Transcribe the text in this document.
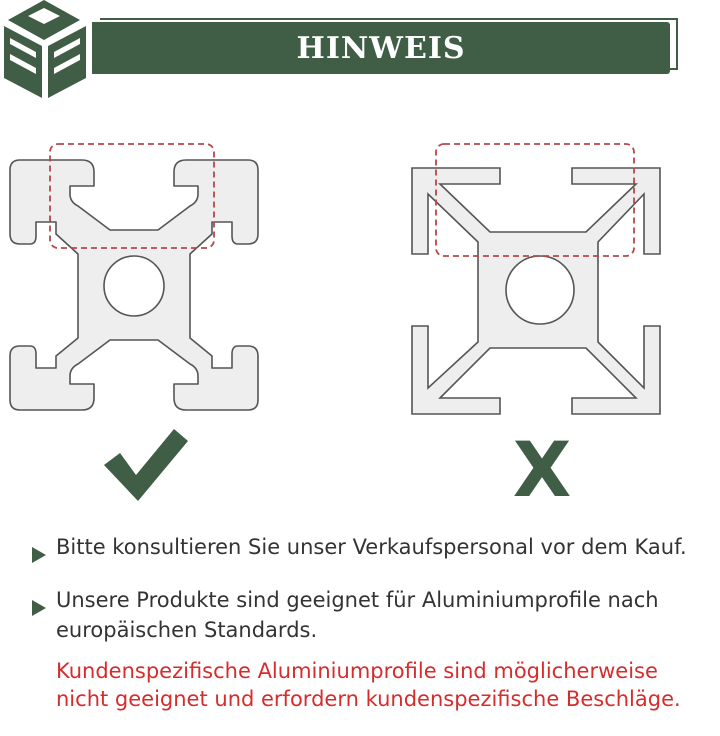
HINWEIS
X
Bitte konsultieren Sie unser Verkaufspersonal vor dem Kauf.
Unsere Produkte sind geeignet für Aluminiumprofile nach europäischen Standards.
Kundenspezifische Aluminiumprofile sind möglicherweise nicht geeignet und erfordern kundenspezifische Beschläge.
